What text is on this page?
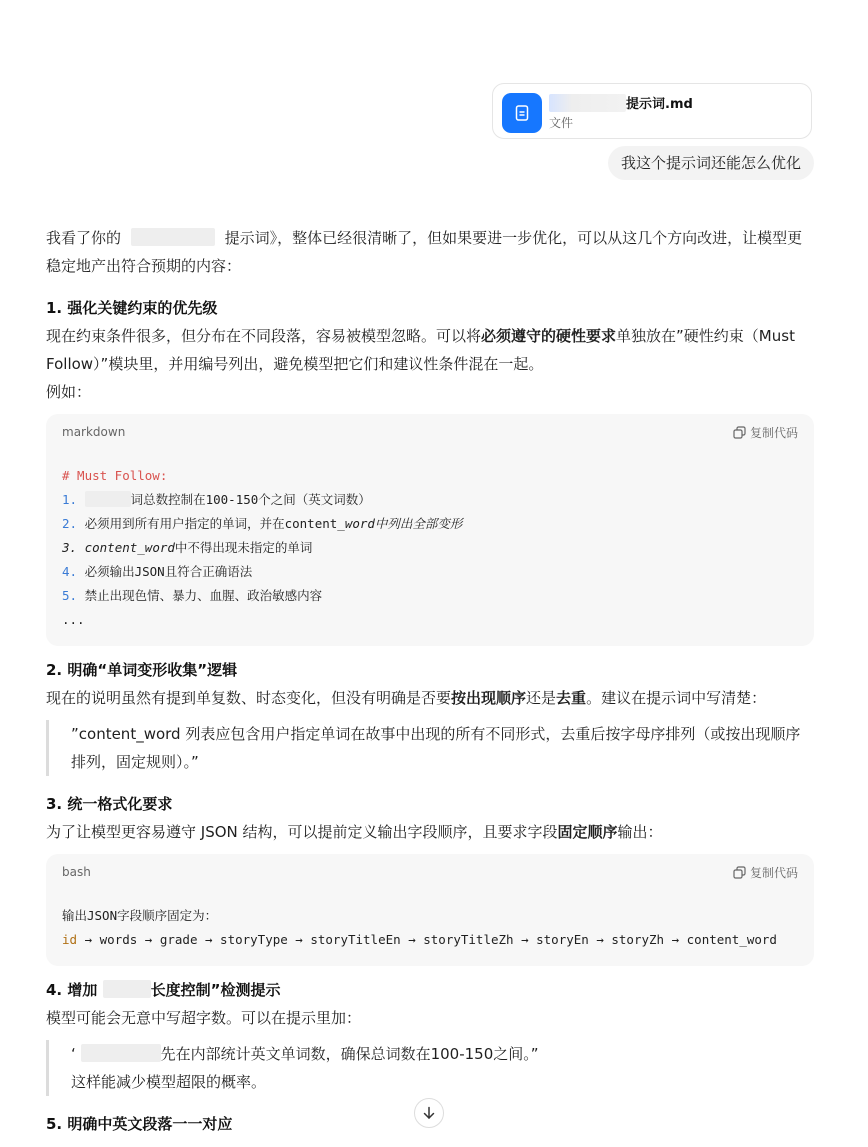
提示词.md
文件
我这个提示词还能怎么优化

我看了你的	提示词》，整体已经很清晰了，但如果要进一步优化，可以从这几个方向改进，让模型更稳定地产出符合预期的内容：

1. 强化关键约束的优先级

现在约束条件很多，但分布在不同段落，容易被模型忽略。可以将必须遵守的硬性要求单独放在”硬性约束（Must Follow）”模块里，并用编号列出，避免模型把它们和建议性条件混在一起。

例如：

markdown	复制代码
# Must Follow:
1.	词总数控制在100-150个之间（英文词数）
2. 必须用到所有用户指定的单词，并在content_word中列出全部变形
3. content_word中不得出现未指定的单词
4. 必须输出JSON且符合正确语法
5. 禁止出现色情、暴力、血腥、政治敏感内容
...
2. 明确“单词变形收集”逻辑

现在的说明虽然有提到单复数、时态变化，但没有明确是否要按出现顺序还是去重。建议在提示词中写清楚：

”content_word 列表应包含用户指定单词在故事中出现的所有不同形式，去重后按字母序排列（或按出现顺序排列，固定规则）。”

3. 统一格式化要求

为了让模型更容易遵守 JSON 结构，可以提前定义输出字段顺序，且要求字段固定顺序输出：

bash	复制代码
输出JSON字段顺序固定为：
id → words → grade → storyType → storyTitleEn → storyTitleZh → storyEn → storyZh → content_word
4. 增加	长度控制”检测提示

模型可能会无意中写超字数。可以在提示里加：

‘	先在内部统计英文单词数，确保总词数在100-150之间。”

这样能减少模型超限的概率。

5. 明确中英文段落一一对应
